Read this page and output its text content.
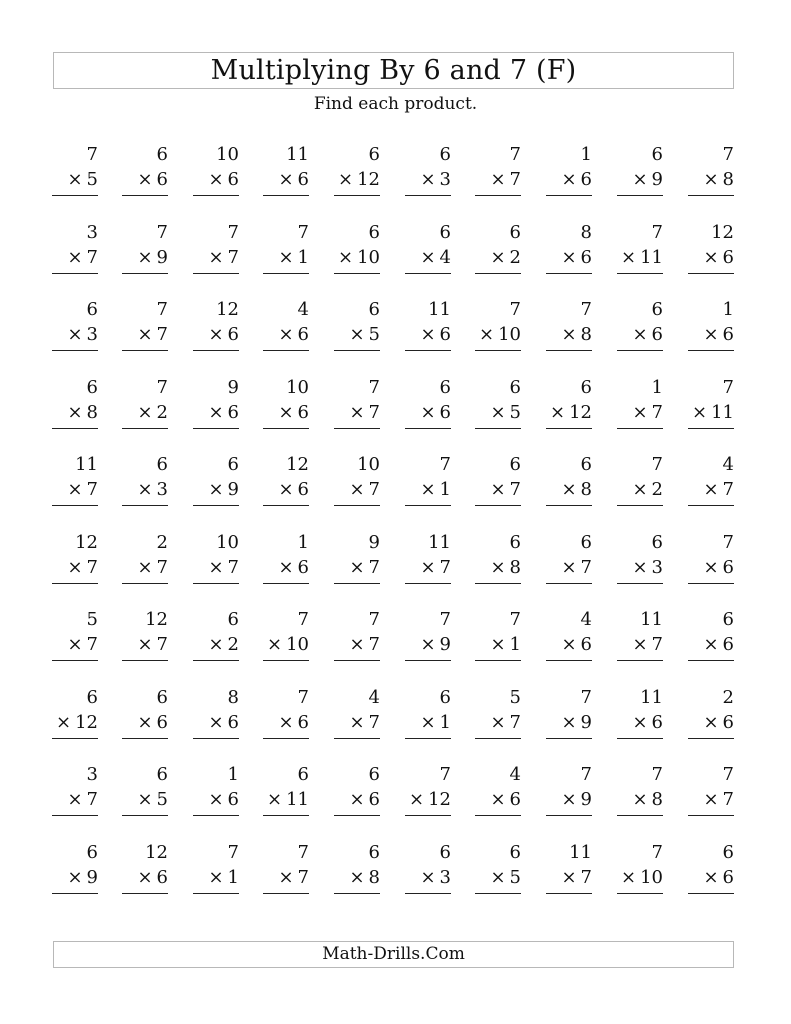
Multiplying By 6 and 7 (F)
Find each product.
7
× 5
6
× 6
10
× 6
11
× 6
6
× 12
6
× 3
7
× 7
1
× 6
6
× 9
7
× 8
3
× 7
7
× 9
7
× 7
7
× 1
6
× 10
6
× 4
6
× 2
8
× 6
7
× 11
12
× 6
6
× 3
7
× 7
12
× 6
4
× 6
6
× 5
11
× 6
7
× 10
7
× 8
6
× 6
1
× 6
6
× 8
7
× 2
9
× 6
10
× 6
7
× 7
6
× 6
6
× 5
6
× 12
1
× 7
7
× 11
11
× 7
6
× 3
6
× 9
12
× 6
10
× 7
7
× 1
6
× 7
6
× 8
7
× 2
4
× 7
12
× 7
2
× 7
10
× 7
1
× 6
9
× 7
11
× 7
6
× 8
6
× 7
6
× 3
7
× 6
5
× 7
12
× 7
6
× 2
7
× 10
7
× 7
7
× 9
7
× 1
4
× 6
11
× 7
6
× 6
6
× 12
6
× 6
8
× 6
7
× 6
4
× 7
6
× 1
5
× 7
7
× 9
11
× 6
2
× 6
3
× 7
6
× 5
1
× 6
6
× 11
6
× 6
7
× 12
4
× 6
7
× 9
7
× 8
7
× 7
6
× 9
12
× 6
7
× 1
7
× 7
6
× 8
6
× 3
6
× 5
11
× 7
7
× 10
6
× 6
Math-Drills.Com
